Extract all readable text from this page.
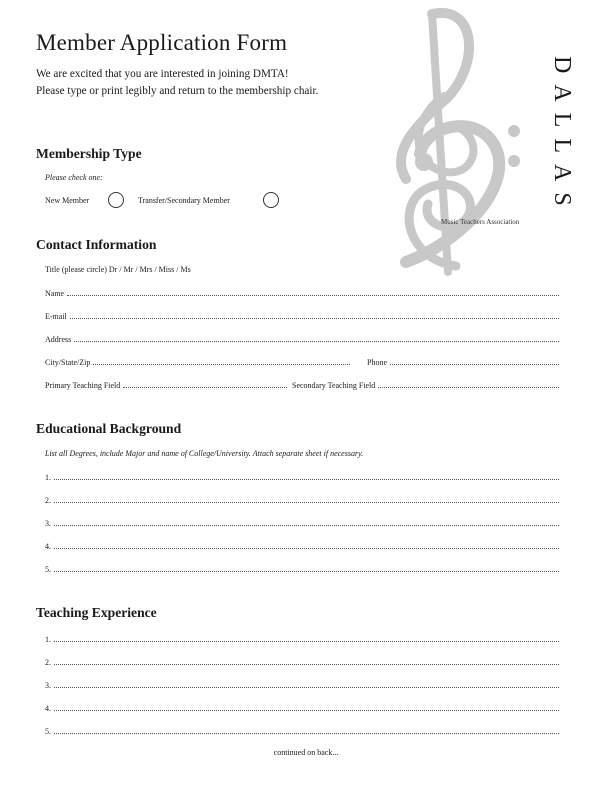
DALLAS
Music Teachers Association
Member Application Form
We are excited that you are interested in joining DMTA!
Please type or print legibly and return to the membership chair.
Membership Type
Please check one:
New Member	Transfer/Secondary Member
Contact Information
Title (please circle) Dr / Mr / Mrs / Miss / Ms
Name
E-mail
Address
City/State/Zip	Phone
Primary Teaching Field	Secondary Teaching Field
Educational Background
List all Degrees, include Major and name of College/University. Attach separate sheet if necessary.
1.
2.
3.
4.
5.
Teaching Experience
1.
2.
3.
4.
5.
continued on back...
